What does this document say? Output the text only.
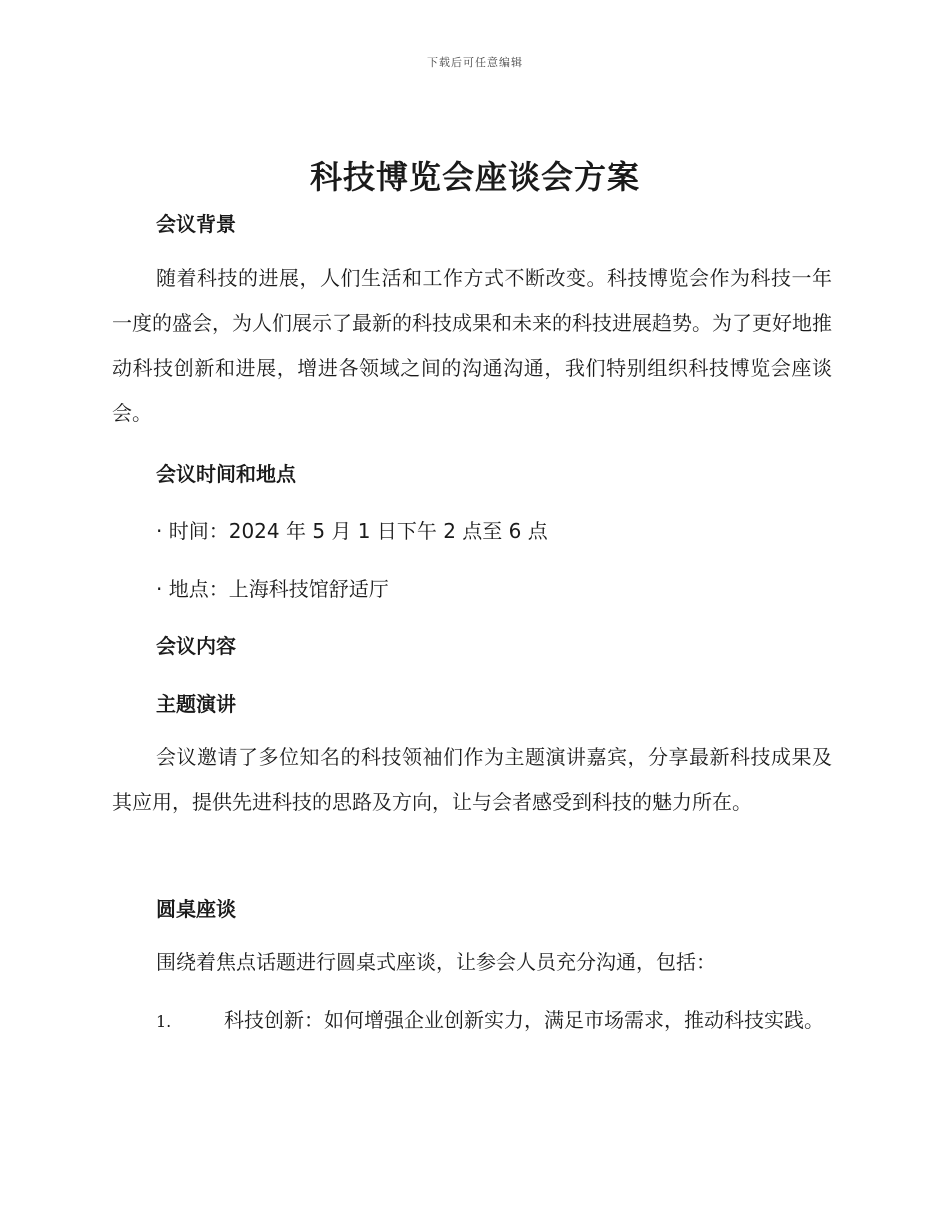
下载后可任意编辑
科技博览会座谈会方案
会议背景

随着科技的进展，人们生活和工作方式不断改变。科技博览会作为科技一年一度的盛会，为人们展示了最新的科技成果和未来的科技进展趋势。为了更好地推动科技创新和进展，增进各领域之间的沟通沟通，我们特别组织科技博览会座谈会。

会议时间和地点

· 时间：2024 年 5 月 1 日下午 2 点至 6 点

· 地点：上海科技馆舒适厅

会议内容
主题演讲

会议邀请了多位知名的科技领袖们作为主题演讲嘉宾，分享最新科技成果及其应用，提供先进科技的思路及方向，让与会者感受到科技的魅力所在。

圆桌座谈

围绕着焦点话题进行圆桌式座谈，让参会人员充分沟通，包括：

1.	科技创新：如何增强企业创新实力，满足市场需求，推动科技实践。
